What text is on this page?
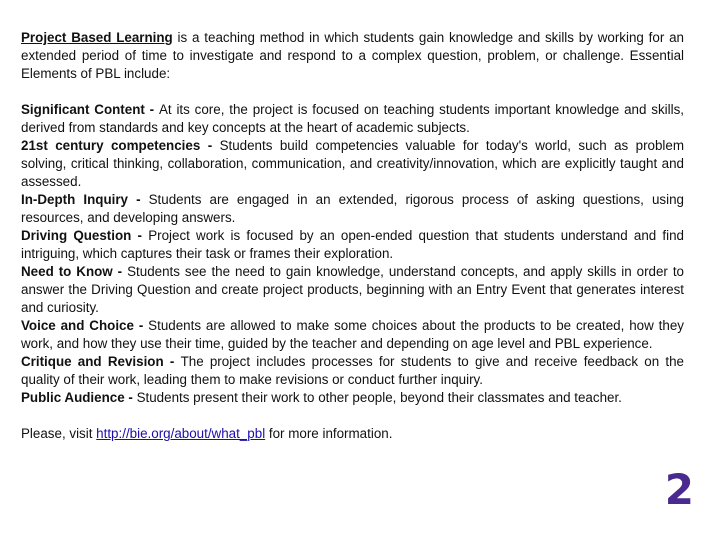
Project Based Learning is a teaching method in which students gain knowledge and skills by working for an extended period of time to investigate and respond to a complex question, problem, or challenge. Essential Elements of PBL include:

Significant Content - At its core, the project is focused on teaching students important knowledge and skills, derived from standards and key concepts at the heart of academic subjects.

21st century competencies - Students build competencies valuable for today's world, such as problem solving, critical thinking, collaboration, communication, and creativity/innovation, which are explicitly taught and assessed.

In-Depth Inquiry - Students are engaged in an extended, rigorous process of asking questions, using resources, and developing answers.

Driving Question - Project work is focused by an open-ended question that students understand and find intriguing, which captures their task or frames their exploration.

Need to Know - Students see the need to gain knowledge, understand concepts, and apply skills in order to answer the Driving Question and create project products, beginning with an Entry Event that generates interest and curiosity.

Voice and Choice - Students are allowed to make some choices about the products to be created, how they work, and how they use their time, guided by the teacher and depending on age level and PBL experience.

Critique and Revision - The project includes processes for students to give and receive feedback on the quality of their work, leading them to make revisions or conduct further inquiry.

Public Audience - Students present their work to other people, beyond their classmates and teacher.

Please, visit http://bie.org/about/what_pbl for more information.

2
